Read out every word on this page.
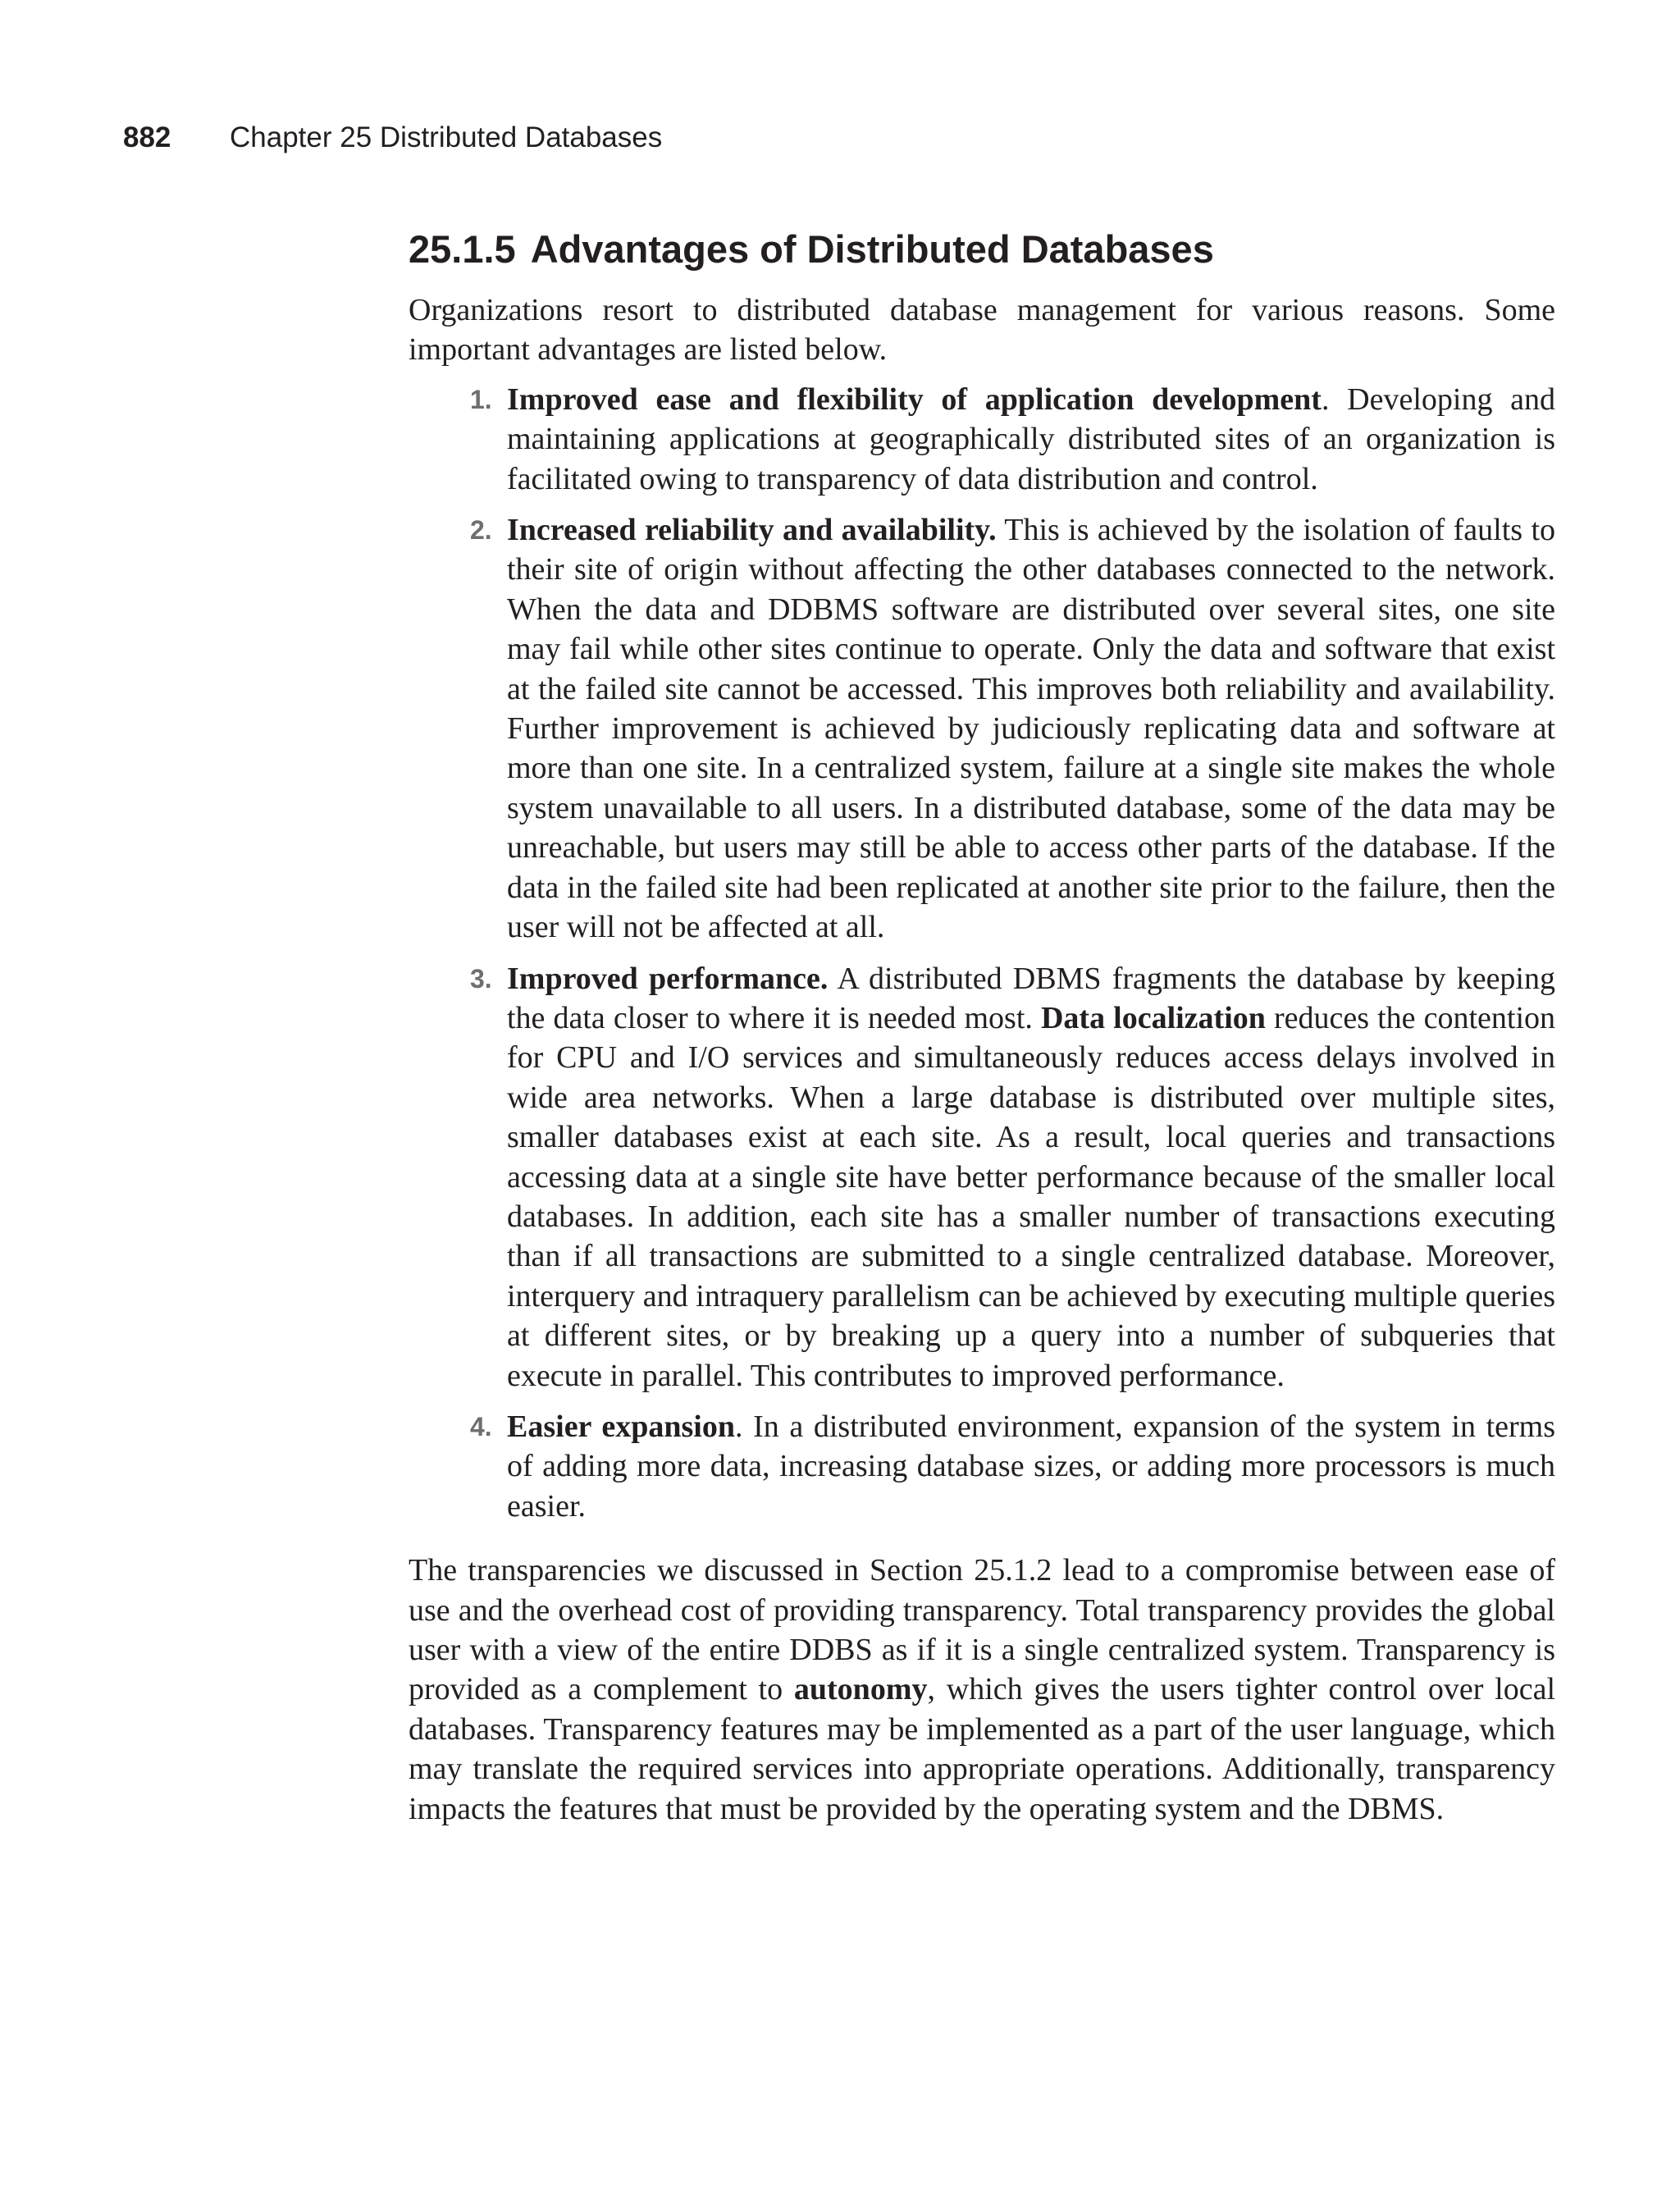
882 Chapter 25 Distributed Databases
25.1.5 Advantages of Distributed Databases

Organizations resort to distributed database management for various reasons. Some important advantages are listed below.

1. Improved ease and flexibility of application development. Developing and maintaining applications at geographically distributed sites of an organization is facilitated owing to transparency of data distribution and control.
2. Increased reliability and availability. This is achieved by the isolation of faults to their site of origin without affecting the other databases connected to the network. When the data and DDBMS software are distributed over several sites, one site may fail while other sites continue to operate. Only the data and software that exist at the failed site cannot be accessed. This improves both reliability and availability. Further improvement is achieved by judiciously replicating data and software at more than one site. In a centralized system, failure at a single site makes the whole system unavailable to all users. In a distributed database, some of the data may be unreachable, but users may still be able to access other parts of the database. If the data in the failed site had been replicated at another site prior to the failure, then the user will not be affected at all.
3. Improved performance. A distributed DBMS fragments the database by keeping the data closer to where it is needed most. Data localization reduces the contention for CPU and I/O services and simultaneously reduces access delays involved in wide area networks. When a large database is distributed over multiple sites, smaller databases exist at each site. As a result, local queries and transactions accessing data at a single site have better performance because of the smaller local databases. In addition, each site has a smaller number of transactions executing than if all transactions are submitted to a single centralized database. Moreover, interquery and intraquery parallelism can be achieved by executing multiple queries at different sites, or by breaking up a query into a number of subqueries that execute in parallel. This contributes to improved performance.
4. Easier expansion. In a distributed environment, expansion of the system in terms of adding more data, increasing database sizes, or adding more processors is much easier.

The transparencies we discussed in Section 25.1.2 lead to a compromise between ease of use and the overhead cost of providing transparency. Total transparency provides the global user with a view of the entire DDBS as if it is a single centralized system. Transparency is provided as a complement to autonomy, which gives the users tighter control over local databases. Transparency features may be implemented as a part of the user language, which may translate the required services into appropriate operations. Additionally, transparency impacts the features that must be provided by the operating system and the DBMS.
